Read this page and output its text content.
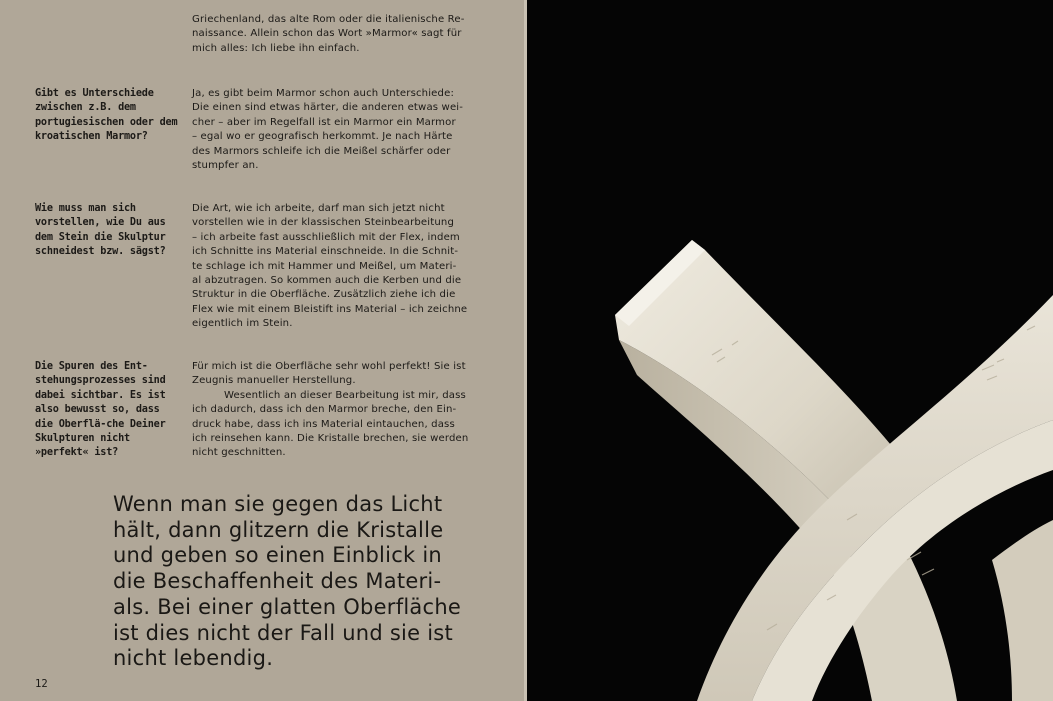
Griechenland, das alte Rom oder die italienische Re-
naissance. Allein schon das Wort »Marmor« sagt für
mich alles: Ich liebe ihn einfach.

Gibt es Unterschiede zwischen z.B. dem portugiesischen oder dem kroatischen Marmor?

Ja, es gibt beim Marmor schon auch Unterschiede:
Die einen sind etwas härter, die anderen etwas wei-
cher – aber im Regelfall ist ein Marmor ein Marmor
– egal wo er geografisch herkommt. Je nach Härte
des Marmors schleife ich die Meißel schärfer oder
stumpfer an.

Wie muss man sich vorstellen, wie Du aus dem Stein die Skulptur schneidest bzw. sägst?

Die Art, wie ich arbeite, darf man sich jetzt nicht
vorstellen wie in der klassischen Steinbearbeitung
– ich arbeite fast ausschließlich mit der Flex, indem
ich Schnitte ins Material einschneide. In die Schnit-
te schlage ich mit Hammer und Meißel, um Materi-
al abzutragen. So kommen auch die Kerben und die
Struktur in die Oberfläche. Zusätzlich ziehe ich die
Flex wie mit einem Bleistift ins Material – ich zeichne
eigentlich im Stein.

Die Spuren des Ent-stehungsprozesses sind dabei sichtbar. Es ist also bewusst so, dass die Oberflä-che Deiner Skulpturen nicht »perfekt« ist?

Für mich ist die Oberfläche sehr wohl perfekt! Sie ist
Zeugnis manueller Herstellung.
Wesentlich an dieser Bearbeitung ist mir, dass
ich dadurch, dass ich den Marmor breche, den Ein-
druck habe, dass ich ins Material eintauchen, dass
ich reinsehen kann. Die Kristalle brechen, sie werden
nicht geschnitten.

Wenn man sie gegen das Licht
hält, dann glitzern die Kristalle
und geben so einen Einblick in
die Beschaffenheit des Materi-
als. Bei einer glatten Oberfläche
ist dies nicht der Fall und sie ist
nicht lebendig.

12
